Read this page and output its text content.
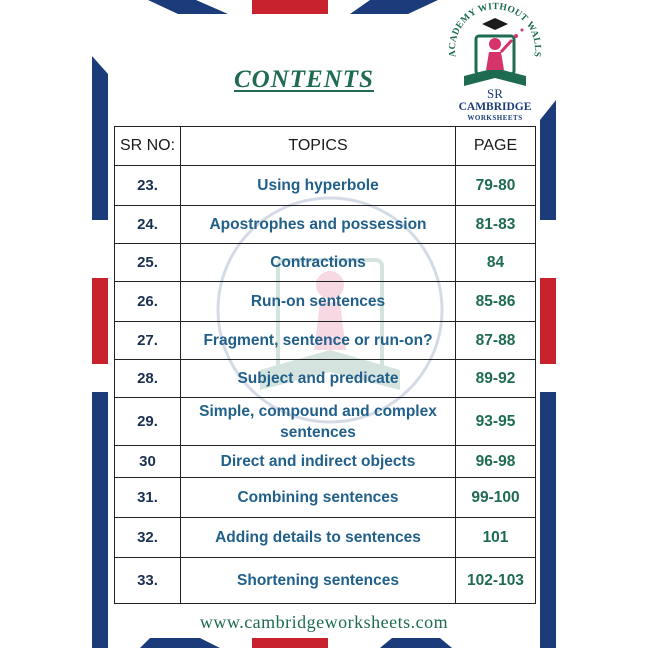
CONTENTS
ACADEMY WITHOUT WALLS
SR
CAMBRIDGE
WORKSHEETS
SR NO:	TOPICS	PAGE
23.	Using hyperbole	79-80
24.	Apostrophes and possession	81-83
25.	Contractions	84
26.	Run-on sentences	85-86
27.	Fragment, sentence or run-on?	87-88
28.	Subject and predicate	89-92
29.	Simple, compound and complex sentences	93-95
30	Direct and indirect objects	96-98
31.	Combining sentences	99-100
32.	Adding details to sentences	101
33.	Shortening sentences	102-103
www.cambridgeworksheets.com
